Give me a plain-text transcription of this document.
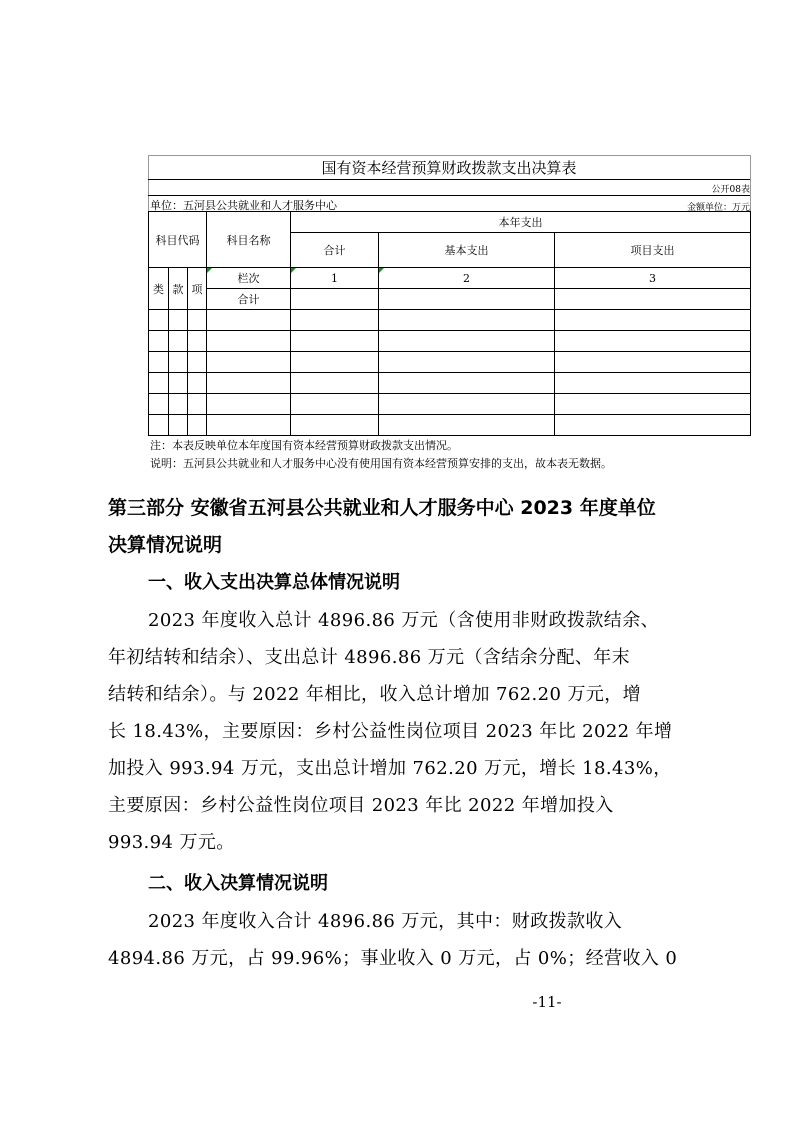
国有资本经营预算财政拨款支出决算表
公开08表
单位：五河县公共就业和人才服务中心	金额单位：万元
科目代码			科目名称	本年支出		
				合计	基本支出	项目支出
类	款	项	栏次	1	2	3
			合计			

注：本表反映单位本年度国有资本经营预算财政拨款支出情况。
说明：五河县公共就业和人才服务中心没有使用国有资本经营预算安排的支出，故本表无数据。
第三部分 安徽省五河县公共就业和人才服务中心 2023 年度单位
决算情况说明
一、收入支出决算总体情况说明
2023 年度收入总计 4896.86 万元（含使用非财政拨款结余、
年初结转和结余）、支出总计 4896.86 万元（含结余分配、年末
结转和结余）。与 2022 年相比，收入总计增加 762.20 万元，增
长 18.43%，主要原因：乡村公益性岗位项目 2023 年比 2022 年增
加投入 993.94 万元，支出总计增加 762.20 万元，增长 18.43%，
主要原因：乡村公益性岗位项目 2023 年比 2022 年增加投入
993.94 万元。
二、收入决算情况说明
2023 年度收入合计 4896.86 万元，其中：财政拨款收入
4894.86 万元，占 99.96%；事业收入 0 万元，占 0%；经营收入 0
-11-
